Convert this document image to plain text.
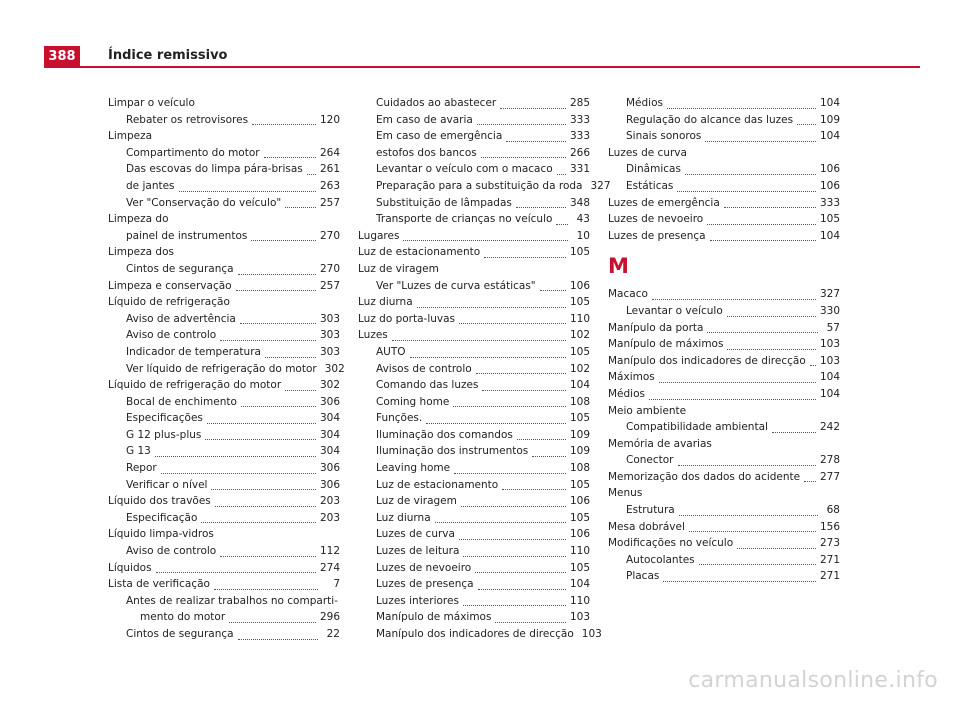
388	Índice remissivo
Limpar o veículo
Rebater os retrovisores	120
Limpeza
Compartimento do motor	264
Das escovas do limpa pára-brisas 261
de jantes	263
Ver "Conservação do veículo"	257
Limpeza do
painel de instrumentos	270
Limpeza dos
Cintos de segurança	270
Limpeza e conservação	257
Líquido de refrigeração
Aviso de advertência	303
Aviso de controlo	303
Indicador de temperatura	303
Ver líquido de refrigeração do motor 302
Líquido de refrigeração do motor	302
Bocal de enchimento	306
Especificações	304
G 12 plus-plus	304
G 13	304
Repor	306
Verificar o nível	306
Líquido dos travões	203
Especificação	203
Líquido limpa-vidros
Aviso de controlo	112
Líquidos	274
Lista de verificação	7
Antes de realizar trabalhos no comparti-
mento do motor	296
Cintos de segurança	22
Cuidados ao abastecer	285
Em caso de avaria	333
Em caso de emergência	333
estofos dos bancos	266
Levantar o veículo com o macaco 331
Preparação para a substituição da roda 327
Substituição de lâmpadas	348
Transporte de crianças no veículo	43
Lugares	10
Luz de estacionamento	105
Luz de viragem
Ver "Luzes de curva estáticas"	106
Luz diurna	105
Luz do porta-luvas	110
Luzes	102
AUTO	105
Avisos de controlo	102
Comando das luzes	104
Coming home	108
Funções.	105
Iluminação dos comandos	109
Iluminação dos instrumentos	109
Leaving home	108
Luz de estacionamento	105
Luz de viragem	106
Luz diurna	105
Luzes de curva	106
Luzes de leitura	110
Luzes de nevoeiro	105
Luzes de presença	104
Luzes interiores	110
Manípulo de máximos	103
Manípulo dos indicadores de direcção 103
Médios	104
Regulação do alcance das luzes	109
Sinais sonoros	104
Luzes de curva
Dinâmicas	106
Estáticas	106
Luzes de emergência	333
Luzes de nevoeiro	105
Luzes de presença	104
M
Macaco	327
Levantar o veículo	330
Manípulo da porta	57
Manípulo de máximos	103
Manípulo dos indicadores de direcção 103
Máximos	104
Médios	104
Meio ambiente
Compatibilidade ambiental	242
Memória de avarias
Conector	278
Memorização dos dados do acidente 277
Menus
Estrutura	68
Mesa dobrável	156
Modificações no veículo	273
Autocolantes	271
Placas	271
carmanualsonline.info
